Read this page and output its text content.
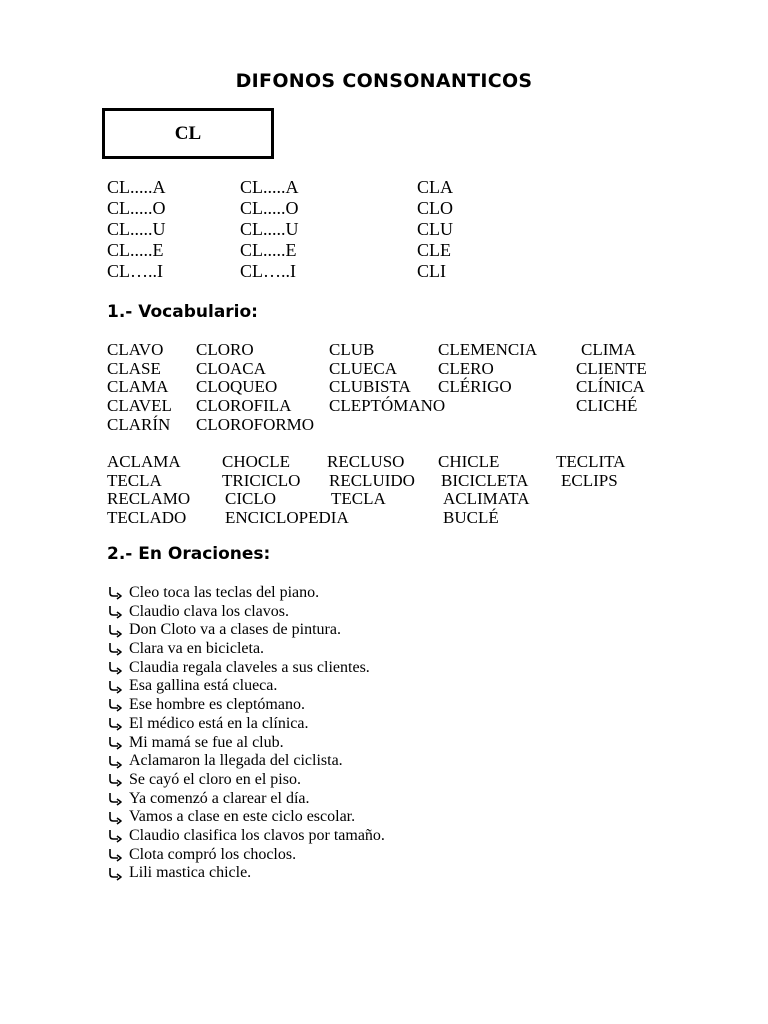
DIFONOS CONSONANTICOS
CL
CL.....A
CL.....O
CL.....U
CL.....E
CL…..I
CL.....A
CL.....O
CL.....U
CL.....E
CL…..I
CLA
CLO
CLU
CLE
CLI
1.- Vocabulario:
CLAVO
CLASE
CLAMA
CLAVEL
CLARÍN
CLORO
CLOACA
CLOQUEO
CLOROFILA
CLOROFORMO
CLUB
CLUECA
CLUBISTA
CLEPTÓMANO
CLEMENCIA
CLERO
CLÉRIGO
CLIMA
CLIENTE
CLÍNICA
CLICHÉ
ACLAMA
TECLA
RECLAMO
TECLADO
CHOCLE
TRICICLO
CICLO
ENCICLOPEDIA
RECLUSO
RECLUIDO
TECLA
CHICLE
BICICLETA
ACLIMATA
BUCLÉ
TECLITA
ECLIPS
2.- En Oraciones:
Cleo toca las teclas del piano.
Claudio clava los clavos.
Don Cloto va a clases de pintura.
Clara va en bicicleta.
Claudia regala claveles a sus clientes.
Esa gallina está clueca.
Ese hombre es cleptómano.
El médico está en la clínica.
Mi mamá se fue al club.
Aclamaron la llegada del ciclista.
Se cayó el cloro en el piso.
Ya comenzó a clarear el día.
Vamos a clase en este ciclo escolar.
Claudio clasifica los clavos por tamaño.
Clota compró los choclos.
Lili mastica chicle.
